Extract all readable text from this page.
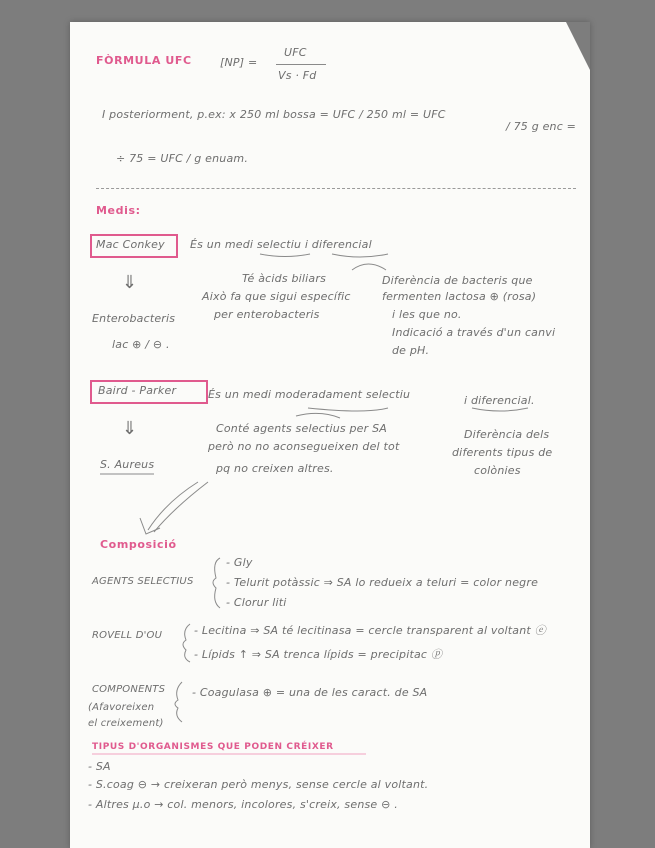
FÒRMULA UFC	[NP] =
UFC
Vs · Fd
I posteriorment, p.ex: x 250 ml bossa = UFC / 250 ml = UFC
/ 75 g enc =
÷ 75 = UFC / g enuam.
Medis:
Mac Conkey És un medi selectiu i diferencial
Té àcids biliars
Això fa que sigui específic
per enterobacteris
Diferència de bacteris que
fermenten lactosa ⊕ (rosa)
i les que no.
Indicació a través d'un canvi
de pH.
⇓
Enterobacteris
lac ⊕ / ⊖ .
Baird - Parker	És un medi moderadament selectiu	i diferencial.
Conté agents selectius per SA
però no no aconsegueixen del tot
pq no creixen altres.
Diferència dels
diferents tipus de
colònies
⇓
S. Aureus
Composició
AGENTS SELECTIUS
- Gly
- Telurit potàssic ⇒ SA lo redueix a teluri = color negre
- Clorur liti
ROVELL D'OU	- Lecitina ⇒ SA té lecitinasa = cercle transparent al voltant ⓔ
- Lípids ↑ ⇒ SA trenca lípids = precipitac ⓟ
COMPONENTS
(Afavoreixen
el creixement)
- Coagulasa ⊕ = una de les caract. de SA
TIPUS D'ORGANISMES QUE PODEN CRÉIXER
- SA
- S.coag ⊖ → creixeran però menys, sense cercle al voltant.
- Altres µ.o → col. menors, incolores, s'creix, sense ⊖ .
